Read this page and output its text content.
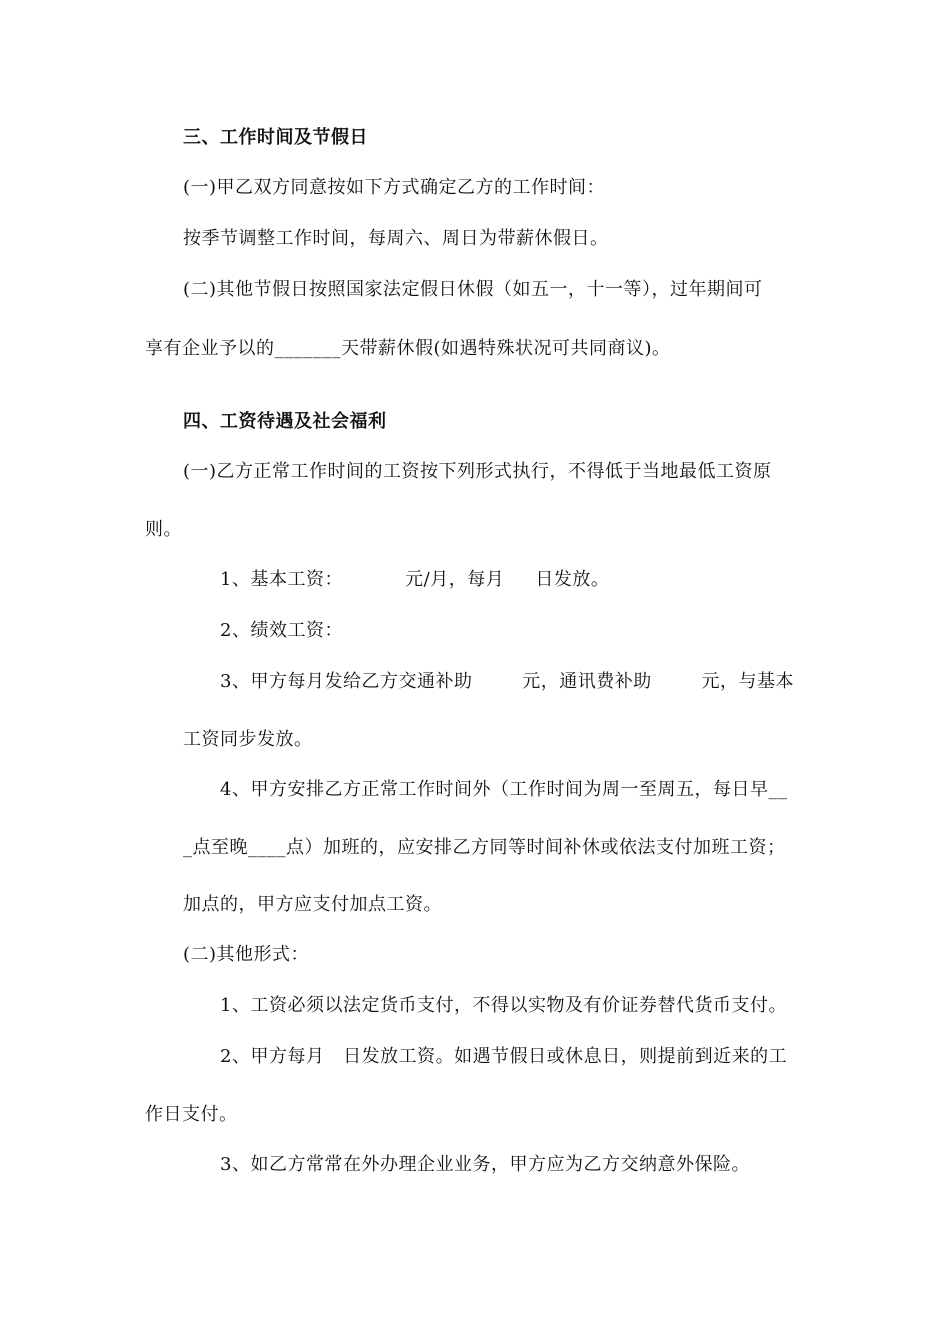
三、工作时间及节假日
(一)甲乙双方同意按如下方式确定乙方的工作时间：
按季节调整工作时间，每周六、周日为带薪休假日。
(二)其他节假日按照国家法定假日休假（如五一，十一等），过年期间可
享有企业予以的_______天带薪休假(如遇特殊状况可共同商议)。
四、工资待遇及社会福利
(一)乙方正常工作时间的工资按下列形式执行，不得低于当地最低工资原
则。
1、基本工资：          元/月，每月     日发放。
2、绩效工资：
3、甲方每月发给乙方交通补助        元，通讯费补助        元，与基本
工资同步发放。
4、甲方安排乙方正常工作时间外（工作时间为周一至周五，每日早__
_点至晚____点）加班的，应安排乙方同等时间补休或依法支付加班工资；
加点的，甲方应支付加点工资。
(二)其他形式：
1、工资必须以法定货币支付，不得以实物及有价证券替代货币支付。
2、甲方每月   日发放工资。如遇节假日或休息日，则提前到近来的工
作日支付。
3、如乙方常常在外办理企业业务，甲方应为乙方交纳意外保险。
